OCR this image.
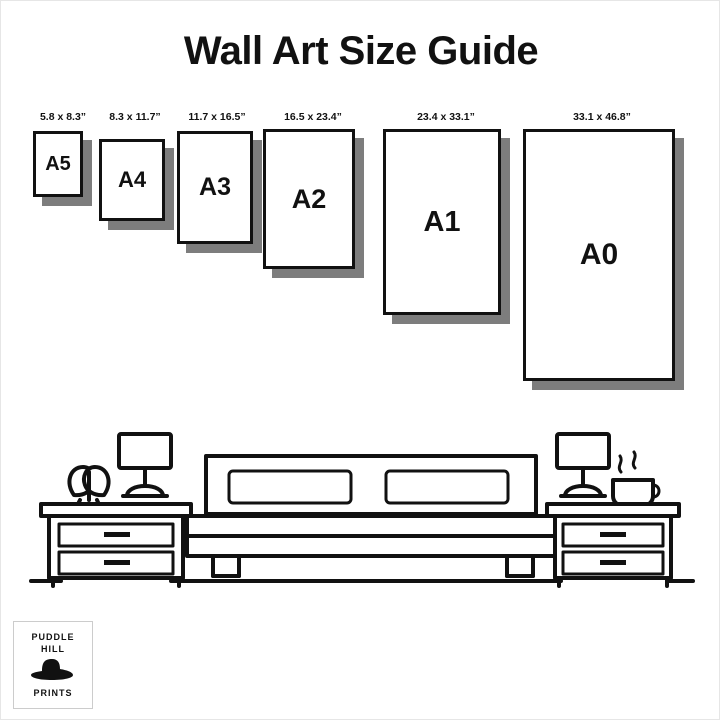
Wall Art Size Guide
5.8 x 8.3”
A5
8.3 x 11.7”
A4
11.7 x 16.5”
A3
16.5 x 23.4”
A2
23.4 x 33.1”
A1
33.1 x 46.8”
A0
PUDDLE
HILL
PRINTS
